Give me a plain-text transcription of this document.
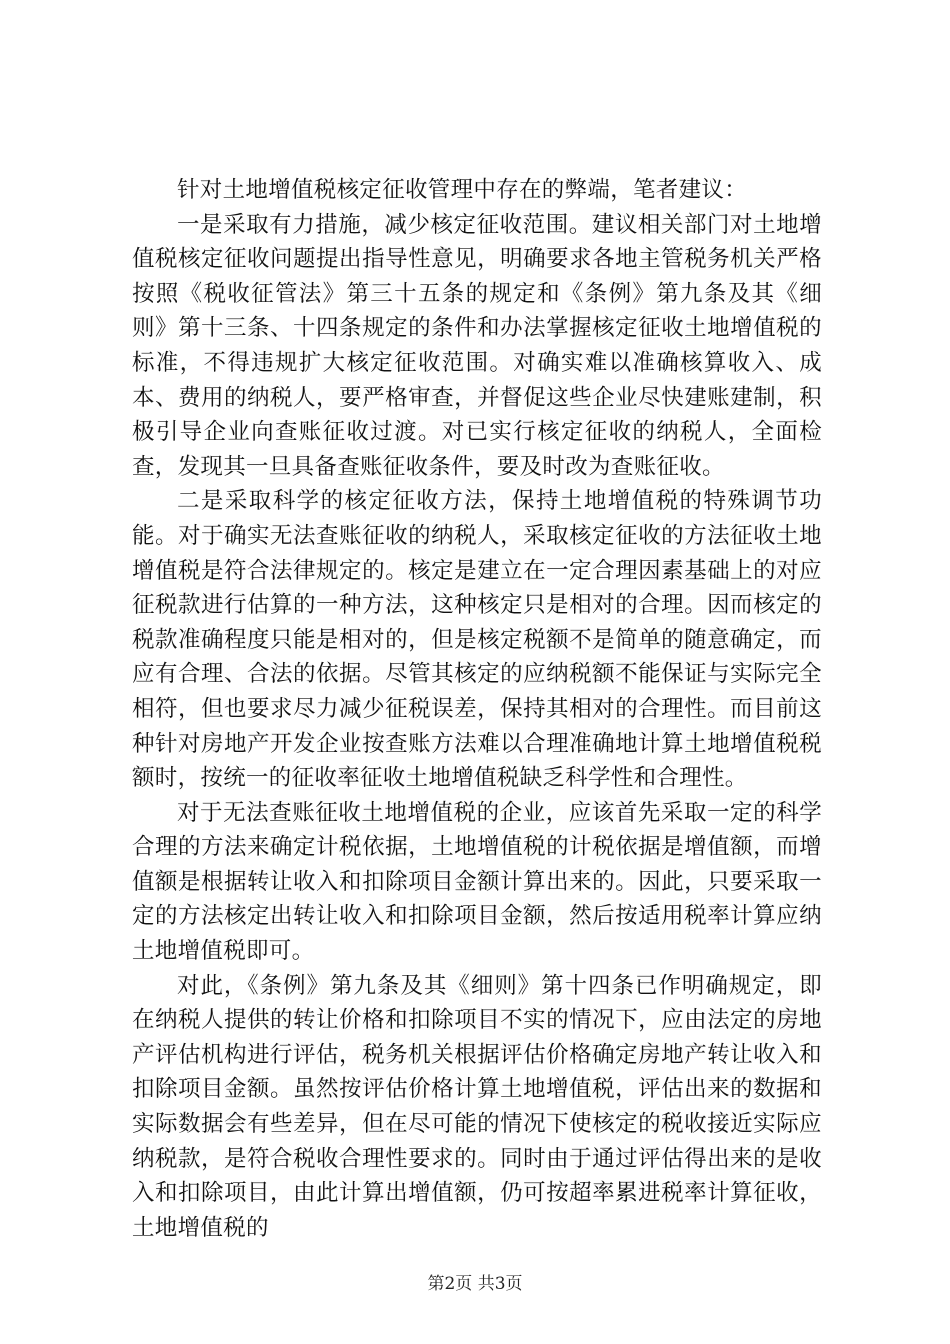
针对土地增值税核定征收管理中存在的弊端，笔者建议：

一是采取有力措施，减少核定征收范围。建议相关部门对土地增值税核定征收问题提出指导性意见，明确要求各地主管税务机关严格按照《税收征管法》第三十五条的规定和《条例》第九条及其《细则》第十三条、十四条规定的条件和办法掌握核定征收土地增值税的标准，不得违规扩大核定征收范围。对确实难以准确核算收入、成本、费用的纳税人，要严格审查，并督促这些企业尽快建账建制，积极引导企业向查账征收过渡。对已实行核定征收的纳税人，全面检查，发现其一旦具备查账征收条件，要及时改为查账征收。

二是采取科学的核定征收方法，保持土地增值税的特殊调节功能。对于确实无法查账征收的纳税人，采取核定征收的方法征收土地增值税是符合法律规定的。核定是建立在一定合理因素基础上的对应征税款进行估算的一种方法，这种核定只是相对的合理。因而核定的税款准确程度只能是相对的，但是核定税额不是简单的随意确定，而应有合理、合法的依据。尽管其核定的应纳税额不能保证与实际完全相符，但也要求尽力减少征税误差，保持其相对的合理性。而目前这种针对房地产开发企业按查账方法难以合理准确地计算土地增值税税额时，按统一的征收率征收土地增值税缺乏科学性和合理性。

对于无法查账征收土地增值税的企业，应该首先采取一定的科学合理的方法来确定计税依据，土地增值税的计税依据是增值额，而增值额是根据转让收入和扣除项目金额计算出来的。因此，只要采取一定的方法核定出转让收入和扣除项目金额，然后按适用税率计算应纳土地增值税即可。

对此，《条例》第九条及其《细则》第十四条已作明确规定，即在纳税人提供的转让价格和扣除项目不实的情况下，应由法定的房地产评估机构进行评估，税务机关根据评估价格确定房地产转让收入和扣除项目金额。虽然按评估价格计算土地增值税，评估出来的数据和实际数据会有些差异，但在尽可能的情况下使核定的税收接近实际应纳税款，是符合税收合理性要求的。同时由于通过评估得出来的是收入和扣除项目，由此计算出增值额，仍可按超率累进税率计算征收，土地增值税的

第2页 共3页
